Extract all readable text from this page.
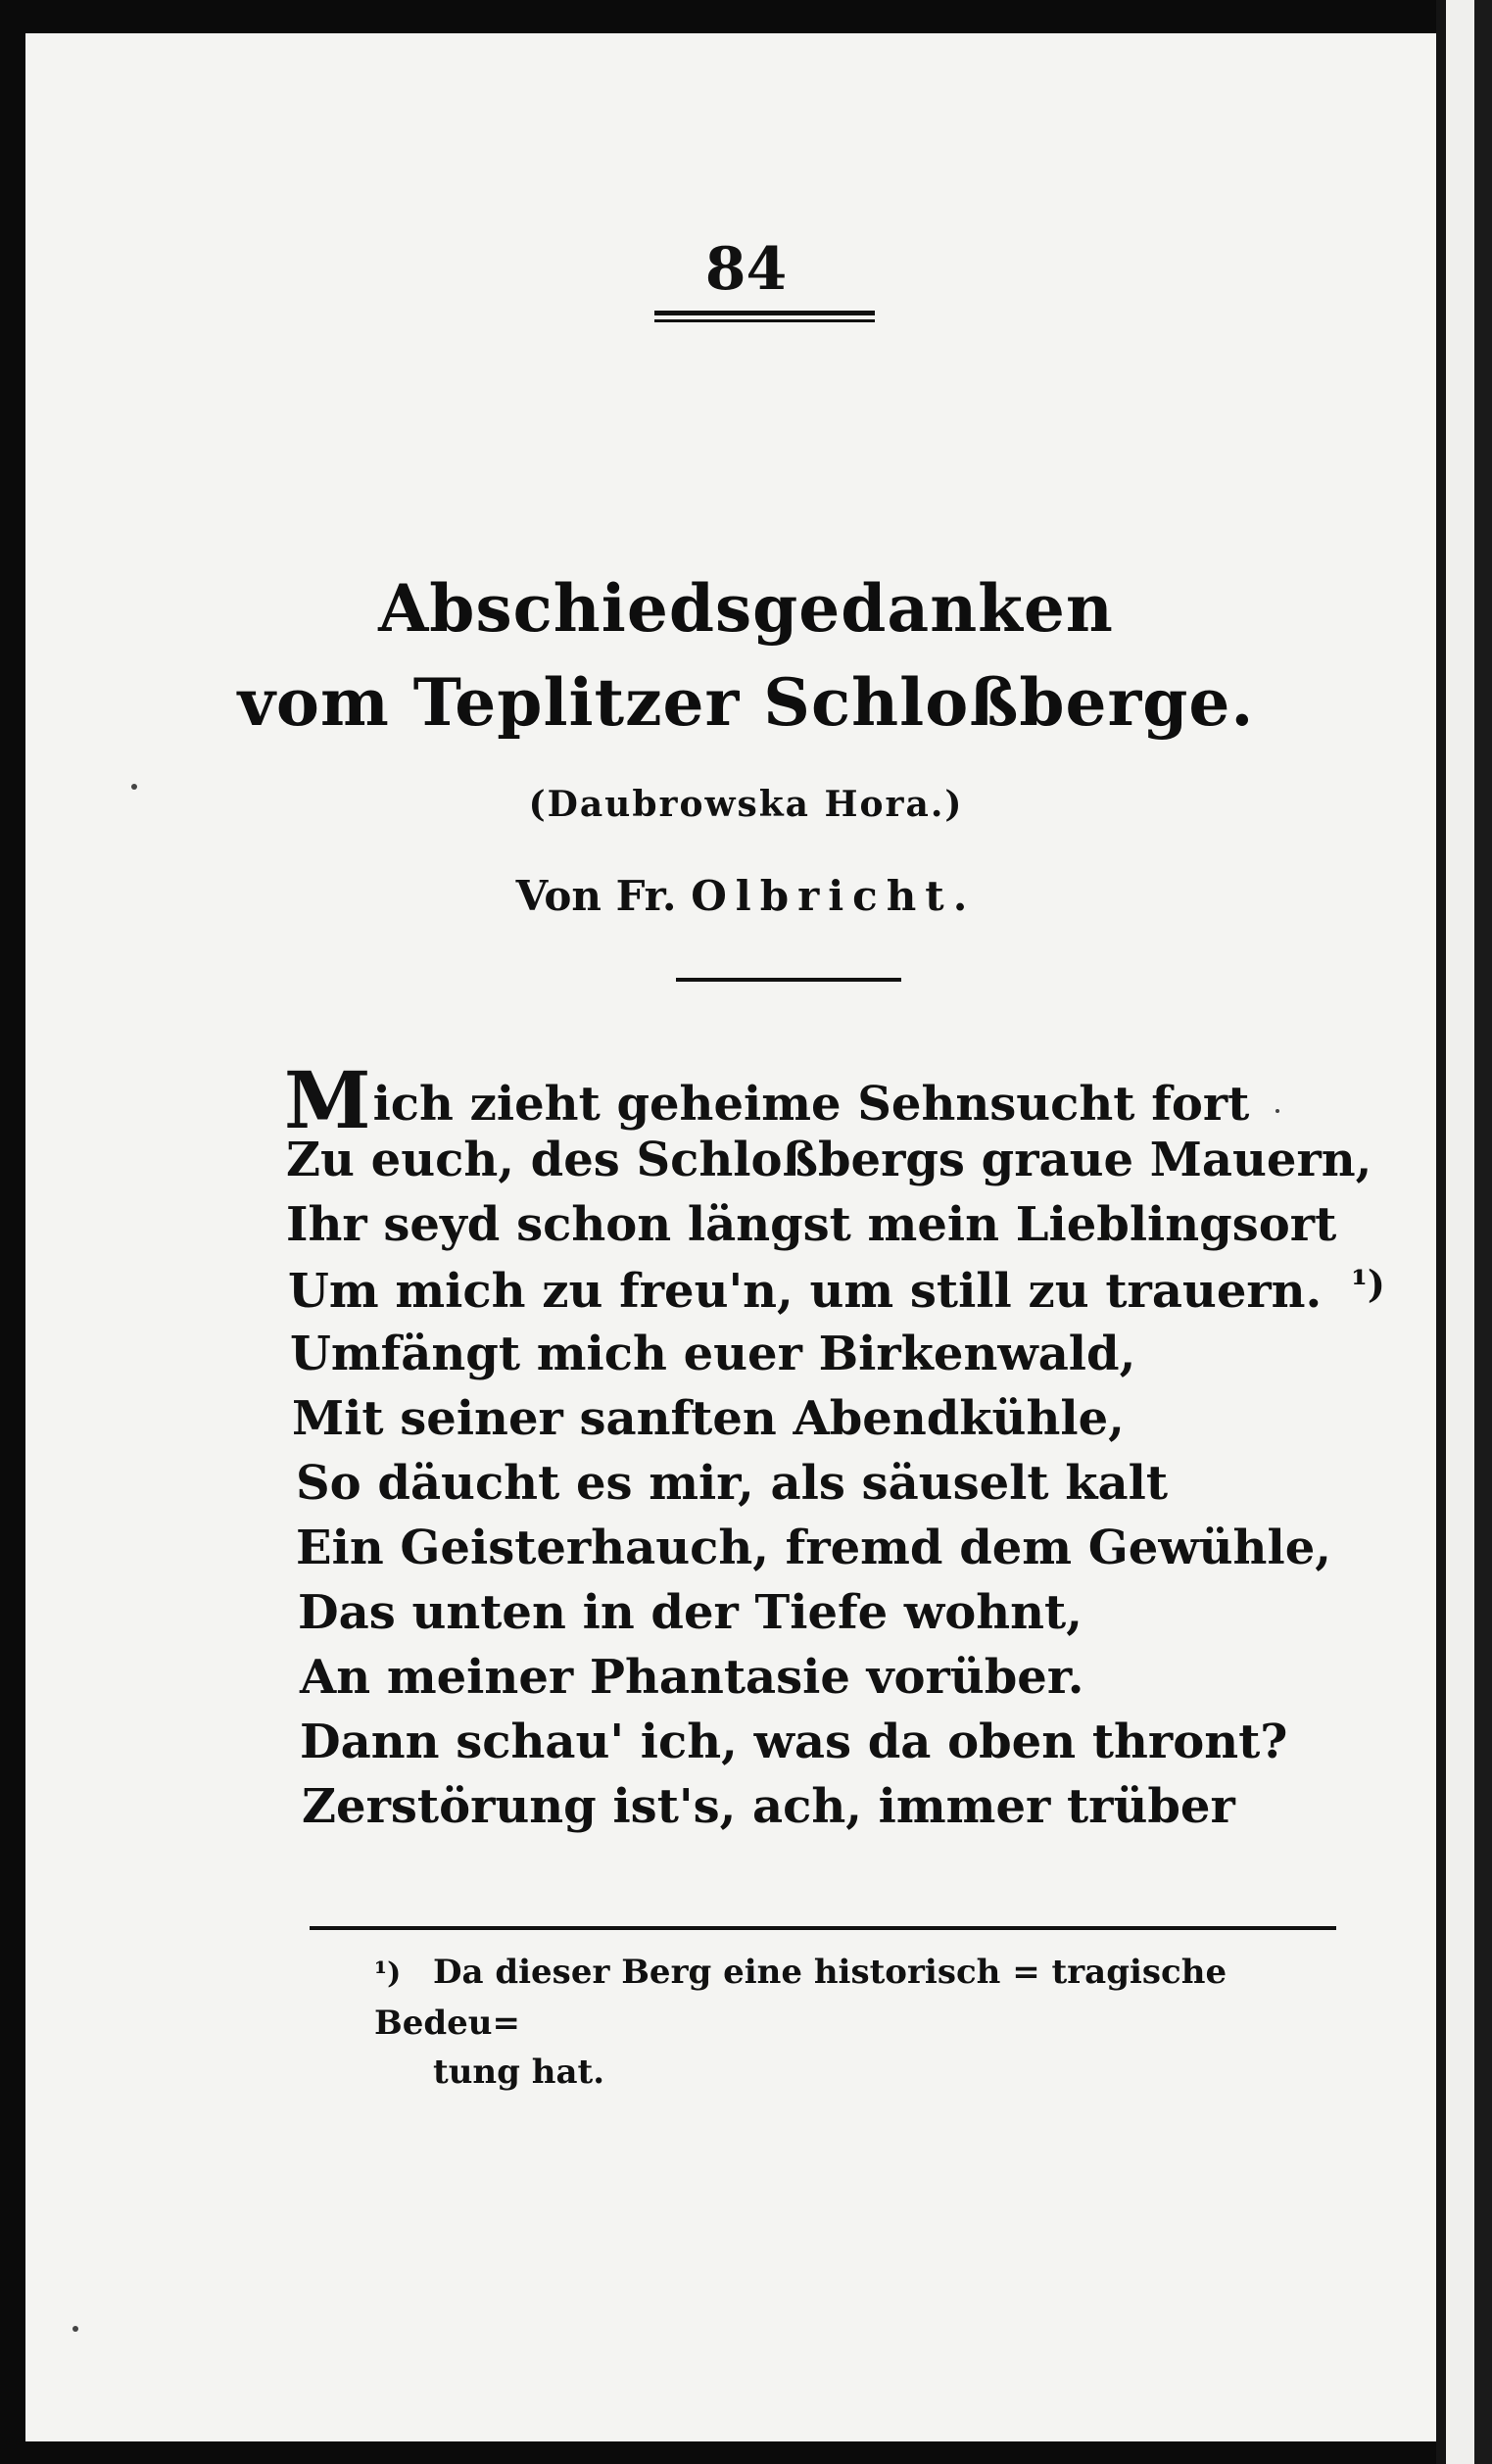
84
Abschiedsgedanken
vom Teplitzer Schloßberge.
(Daubrowska Hora.)
Von Fr. Olbricht.
Mich zieht geheime Sehnsucht fort
Zu euch, des Schloßbergs graue Mauern,
Ihr seyd schon längst mein Lieblingsort
Um mich zu freu'n, um still zu trauern. $^{^1)}$
Umfängt mich euer Birkenwald,
Mit seiner sanften Abendkühle,
So däucht es mir, als säuselt kalt
Ein Geisterhauch, fremd dem Gewühle,
Das unten in der Tiefe wohnt,
An meiner Phantasie vorüber.
Dann schau' ich, was da oben thront?
Zerstörung ist's, ach, immer trüber
¹) Da dieser Berg eine historisch = tragische Bedeu=
tung hat.
